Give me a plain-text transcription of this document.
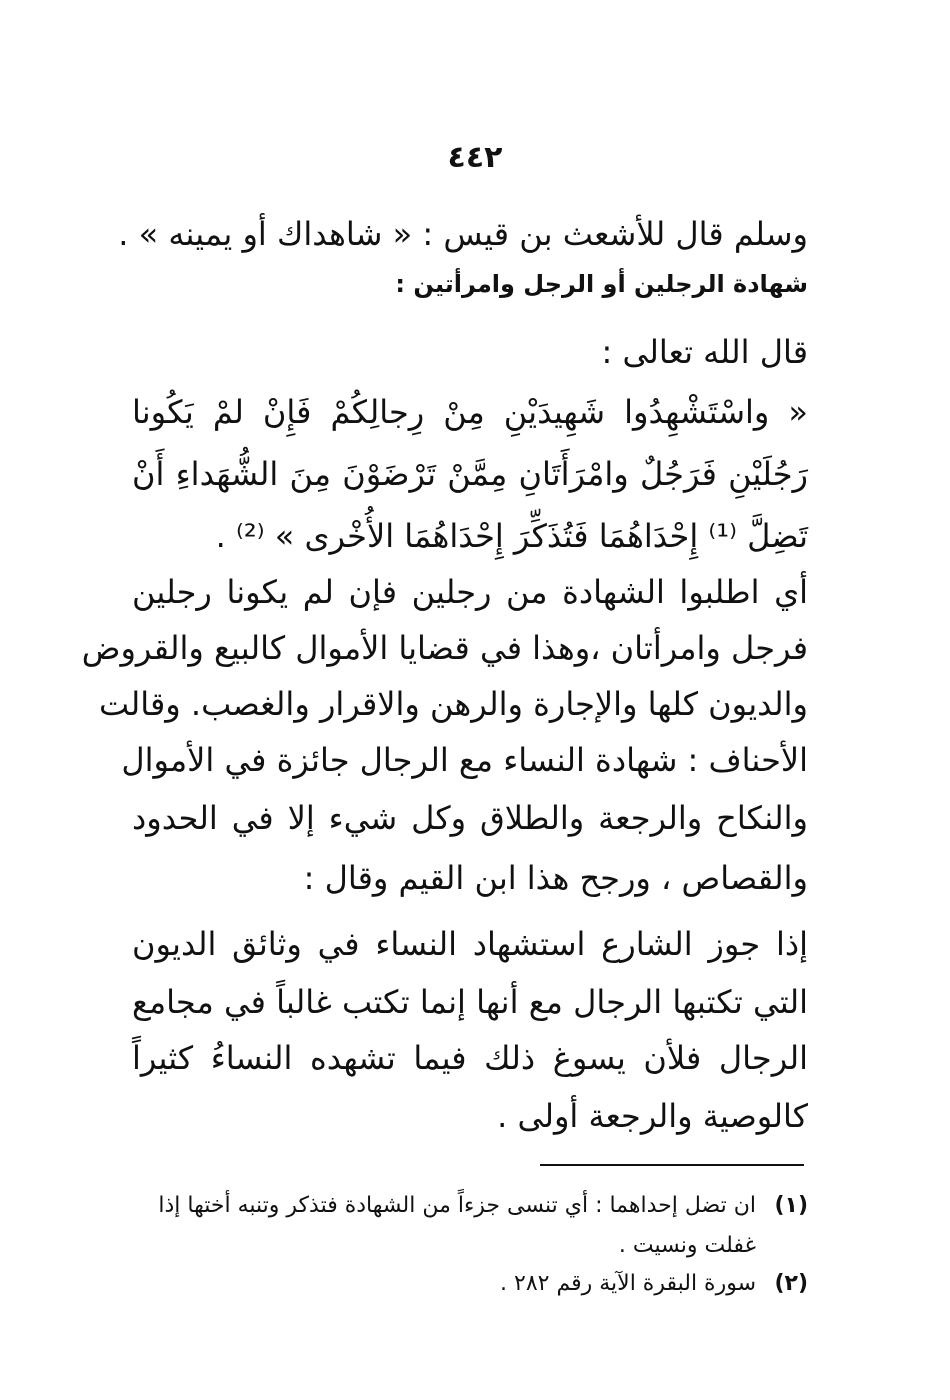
٤٤٢
وسلم قال للأشعث بن قيس : « شاهداك أو يمينه » .
قال الله تعالى :
« واسْتَشْهِدُوا شَهِيدَيْنِ مِنْ رِجالِكُمْ فَإِنْ لمْ يَكُونا
رَجُلَيْنِ فَرَجُلٌ وامْرَأَتَانِ مِمَّنْ تَرْضَوْنَ مِنَ الشُّهَداءِ أَنْ
تَضِلَّ ⁽¹⁾ إِحْدَاهُمَا فَتُذَكِّرَ إِحْدَاهُمَا الأُخْرى » ⁽²⁾ .
أي اطلبوا الشهادة من رجلين فإن لم يكونا رجلين
فرجل وامرأتان ،وهذا في قضايا الأموال كالبيع والقروض
والديون كلها والإجارة والرهن والاقرار والغصب. وقالت
الأحناف : شهادة النساء مع الرجال جائزة في الأموال
والنكاح والرجعة والطلاق وكل شيء إلا في الحدود
والقصاص ، ورجح هذا ابن القيم وقال :
إذا جوز الشارع استشهاد النساء في وثائق الديون
التي تكتبها الرجال مع أنها إنما تكتب غالباً في مجامع
الرجال فلأن يسوغ ذلك فيما تشهده النساءُ كثيراً
كالوصية والرجعة أولى .
شهادة الرجلين أو الرجل وامرأتين :
(١)ان تضل إحداهما : أي تنسى جزءاً من الشهادة فتذكر وتنبه أختها إذا
غفلت ونسيت .
(٢)سورة البقرة الآية رقم ٢٨٢ .
